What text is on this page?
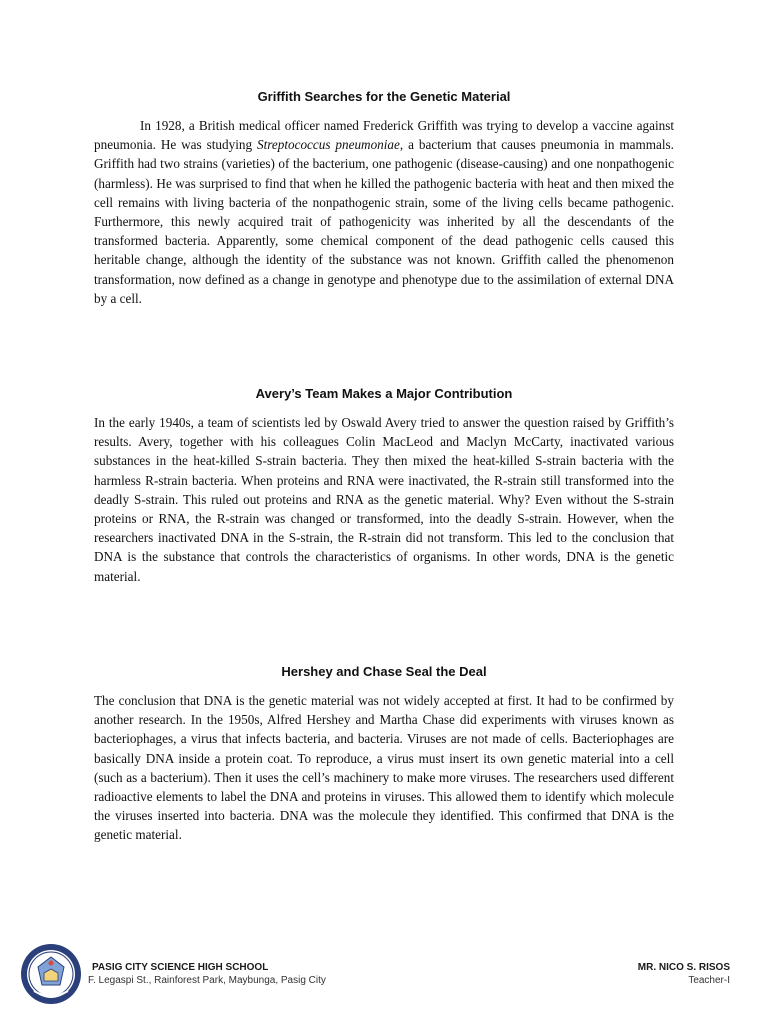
Griffith Searches for the Genetic Material

In 1928, a British medical officer named Frederick Griffith was trying to develop a vaccine against pneumonia. He was studying Streptococcus pneumoniae, a bacterium that causes pneumonia in mammals. Griffith had two strains (varieties) of the bacterium, one pathogenic (disease-causing) and one nonpathogenic (harmless). He was surprised to find that when he killed the pathogenic bacteria with heat and then mixed the cell remains with living bacteria of the nonpathogenic strain, some of the living cells became pathogenic. Furthermore, this newly acquired trait of pathogenicity was inherited by all the descendants of the transformed bacteria. Apparently, some chemical component of the dead pathogenic cells caused this heritable change, although the identity of the substance was not known. Griffith called the phenomenon transformation, now defined as a change in genotype and phenotype due to the assimilation of external DNA by a cell.

Avery’s Team Makes a Major Contribution

In the early 1940s, a team of scientists led by Oswald Avery tried to answer the question raised by Griffith’s results. Avery, together with his colleagues Colin MacLeod and Maclyn McCarty, inactivated various substances in the heat-killed S-strain bacteria. They then mixed the heat-killed S-strain bacteria with the harmless R-strain bacteria. When proteins and RNA were inactivated, the R-strain still transformed into the deadly S-strain. This ruled out proteins and RNA as the genetic material. Why? Even without the S-strain proteins or RNA, the R-strain was changed or transformed, into the deadly S-strain. However, when the researchers inactivated DNA in the S-strain, the R-strain did not transform. This led to the conclusion that DNA is the substance that controls the characteristics of organisms. In other words, DNA is the genetic material.

Hershey and Chase Seal the Deal

The conclusion that DNA is the genetic material was not widely accepted at first. It had to be confirmed by another research. In the 1950s, Alfred Hershey and Martha Chase did experiments with viruses known as bacteriophages, a virus that infects bacteria, and bacteria. Viruses are not made of cells. Bacteriophages are basically DNA inside a protein coat. To reproduce, a virus must insert its own genetic material into a cell (such as a bacterium). Then it uses the cell’s machinery to make more viruses. The researchers used different radioactive elements to label the DNA and proteins in viruses. This allowed them to identify which molecule the viruses inserted into bacteria. DNA was the molecule they identified. This confirmed that DNA is the genetic material.

PASIG CITY SCIENCE HIGH SCHOOL
F. Legaspi St., Rainforest Park, Maybunga, Pasig City
MR. NICO S. RISOS
Teacher-I
